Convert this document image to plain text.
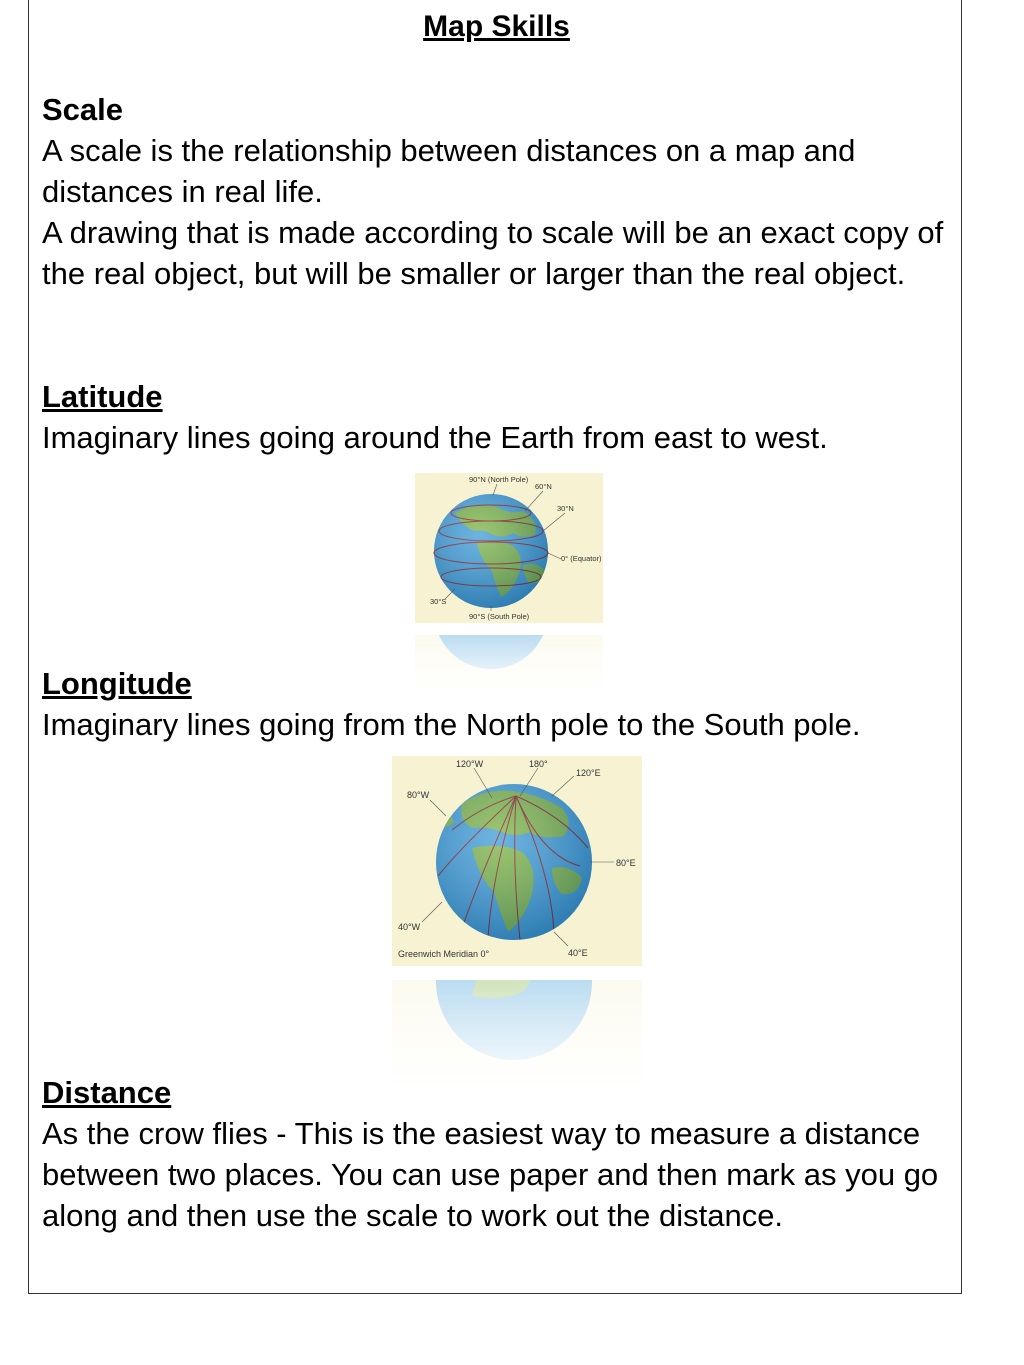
Map Skills

Scale

A scale is the relationship between distances on a map and distances in real life.

A drawing that is made according to scale will be an exact copy of the real object, but will be smaller or larger than the real object.

Latitude

Imaginary lines going around the Earth from east to west.

90°N (North Pole)
60°N
30°N
0° (Equator)
30°S
90°S (South Pole)

Longitude

Imaginary lines going from the North pole to the South pole.

120°W	180°
120°E
80°W
80°E
40°W
Greenwich Meridian 0°	40°E

Distance

As the crow flies - This is the easiest way to measure a distance between two places. You can use paper and then mark as you go along and then use the scale to work out the distance.
